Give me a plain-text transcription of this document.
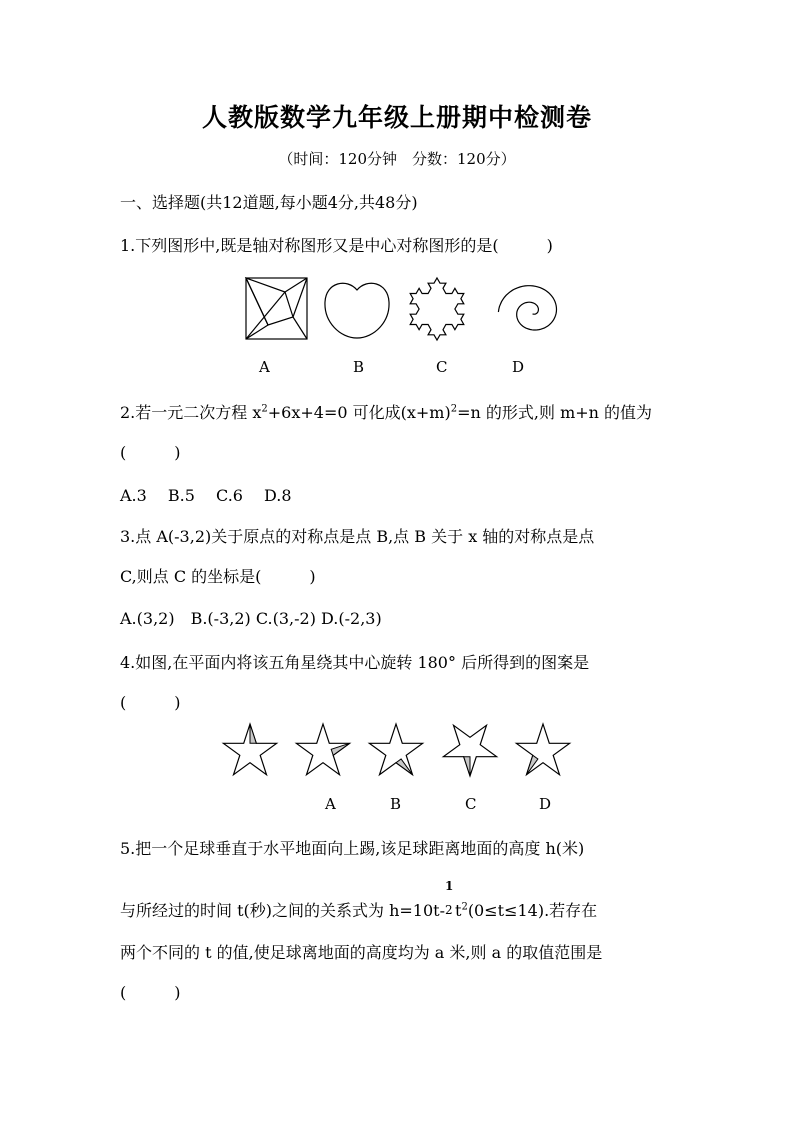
人教版数学九年级上册期中检测卷
（时间：120分钟　分数：120分）
一、选择题(共12道题,每小题4分,共48分)
1.下列图形中,既是轴对称图形又是中心对称图形的是(　　　)
A	B	C	D
2.若一元二次方程 $x^2+6x+4=0$ 可化成$(x+m)^2=n$ 的形式,则 m+n 的值为
(　　　)
A.3　 B.5　 C.6　 D.8
3.点 A(-3,2)关于原点的对称点是点 B,点 B 关于 x 轴的对称点是点
C,则点 C 的坐标是(　　　)
A.(3,2)　B.(-3,2) C.(3,-2) D.(-2,3)
4.如图,在平面内将该五角星绕其中心旋转 180° 后所得到的图案是
(　　　)
A	B	C	D
5.把一个足球垂直于水平地面向上踢,该足球距离地面的高度 h(米)
与所经过的时间 t(秒)之间的关系式为 h=10t-
1
2 $t^2(0\le t\le 14)$.若存在
两个不同的 t 的值,使足球离地面的高度均为 a 米,则 a 的取值范围是
(　　　)
